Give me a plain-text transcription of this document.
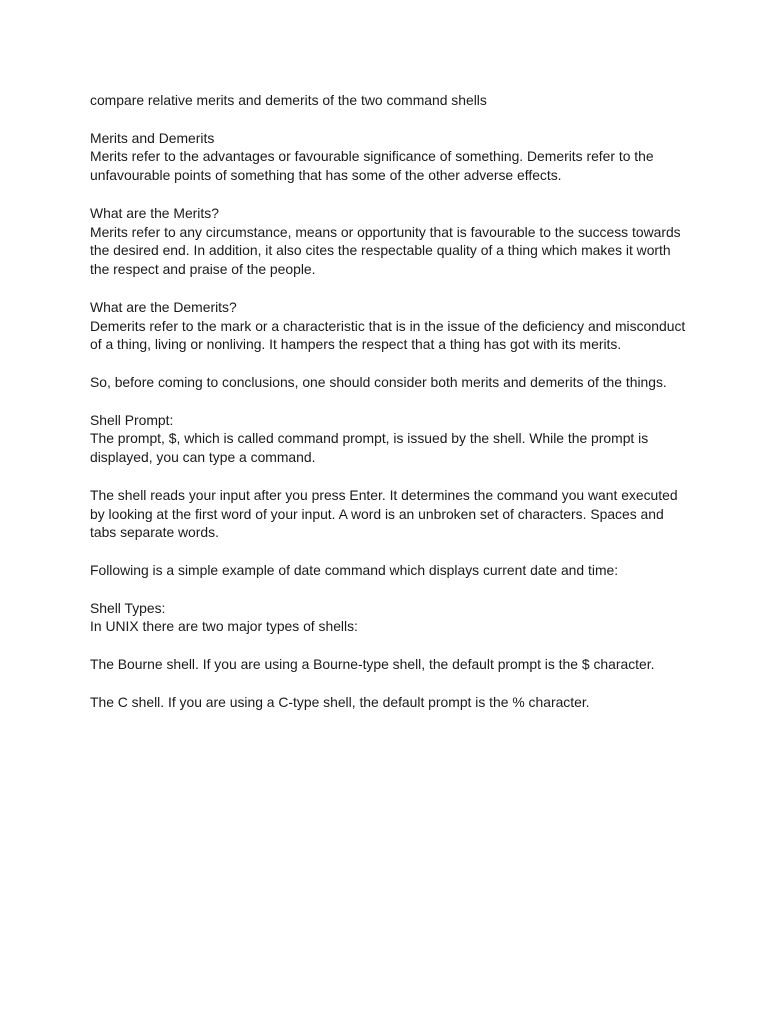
compare relative merits and demerits of the two command shells

Merits and Demerits
Merits refer to the advantages or favourable significance of something. Demerits refer to the unfavourable points of something that has some of the other adverse effects.

What are the Merits?
Merits refer to any circumstance, means or opportunity that is favourable to the success towards the desired end. In addition, it also cites the respectable quality of a thing which makes it worth the respect and praise of the people.

What are the Demerits?
Demerits refer to the mark or a characteristic that is in the issue of the deficiency and misconduct of a thing, living or nonliving. It hampers the respect that a thing has got with its merits.

So, before coming to conclusions, one should consider both merits and demerits of the things.

Shell Prompt:
The prompt, $, which is called command prompt, is issued by the shell. While the prompt is displayed, you can type a command.

The shell reads your input after you press Enter. It determines the command you want executed by looking at the first word of your input. A word is an unbroken set of characters. Spaces and tabs separate words.

Following is a simple example of date command which displays current date and time:

Shell Types:
In UNIX there are two major types of shells:

The Bourne shell. If you are using a Bourne-type shell, the default prompt is the $ character.

The C shell. If you are using a C-type shell, the default prompt is the % character.
